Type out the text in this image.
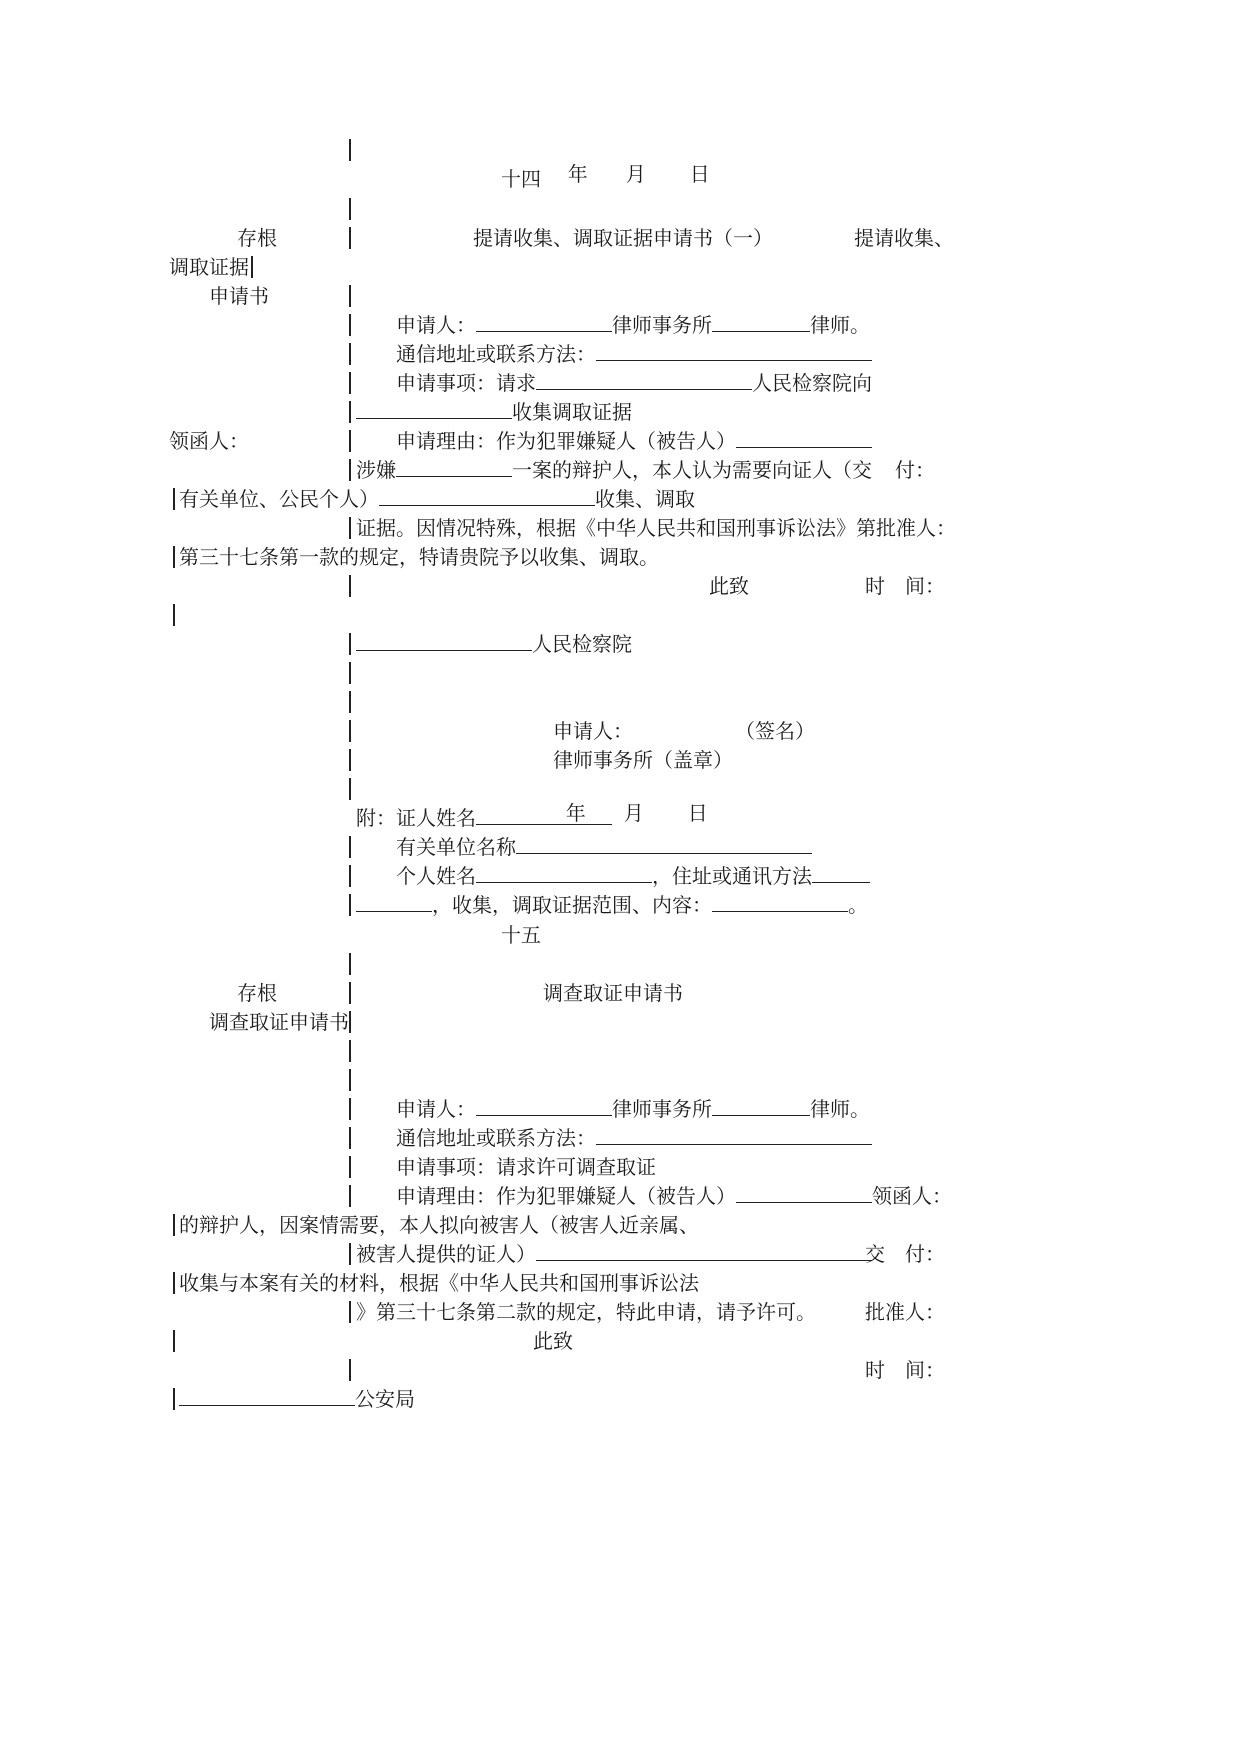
年 月 日

十四
存根	提请收集、调取证据申请书（一）	提请收集、
调取证据
申请书
申请人：	律师事务所	律师。
通信地址或联系方法：
申请事项：请求	人民检察院向
收集调取证据
领函人：	申请理由：作为犯罪嫌疑人（被告人）
涉嫌	一案的辩护人，本人认为需要向证人（交 付：
有关单位、公民个人）	收集、调取
证据。因情况特殊，根据《中华人民共和国刑事诉讼法》第批准人：
第三十七条第一款的规定，特请贵院予以收集、调取。
此致	时　间：
人民检察院
申请人：	（签名）
律师事务所（盖章）

年 月 日

附：证人姓名
有关单位名称
个人姓名	，住址或通讯方法
，收集，调取证据范围、内容：	。
十五
存根	调查取证申请书
调查取证申请书
申请人：	律师事务所	律师。
通信地址或联系方法：
申请事项：请求许可调查取证
申请理由：作为犯罪嫌疑人（被告人）	领函人：
的辩护人，因案情需要，本人拟向被害人（被害人近亲属、
被害人提供的证人）	交　付：
收集与本案有关的材料，根据《中华人民共和国刑事诉讼法
》第三十七条第二款的规定，特此申请，请予许可。 批准人：
此致
时　间：
公安局
